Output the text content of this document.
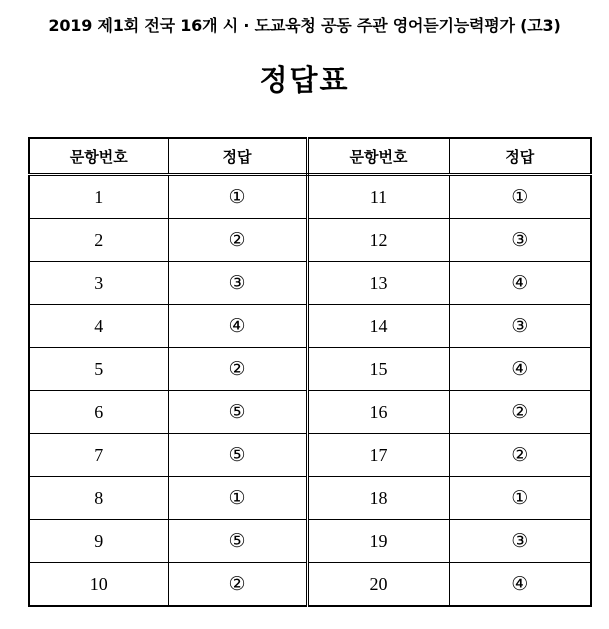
2019 제1회 전국 16개 시 · 도교육청 공동 주관 영어듣기능력평가 (고3)
정답표
문항번호	정답	문항번호	정답
1	①	11	①
2	②	12	③
3	③	13	④
4	④	14	③
5	②	15	④
6	⑤	16	②
7	⑤	17	②
8	①	18	①
9	⑤	19	③
10	②	20	④
